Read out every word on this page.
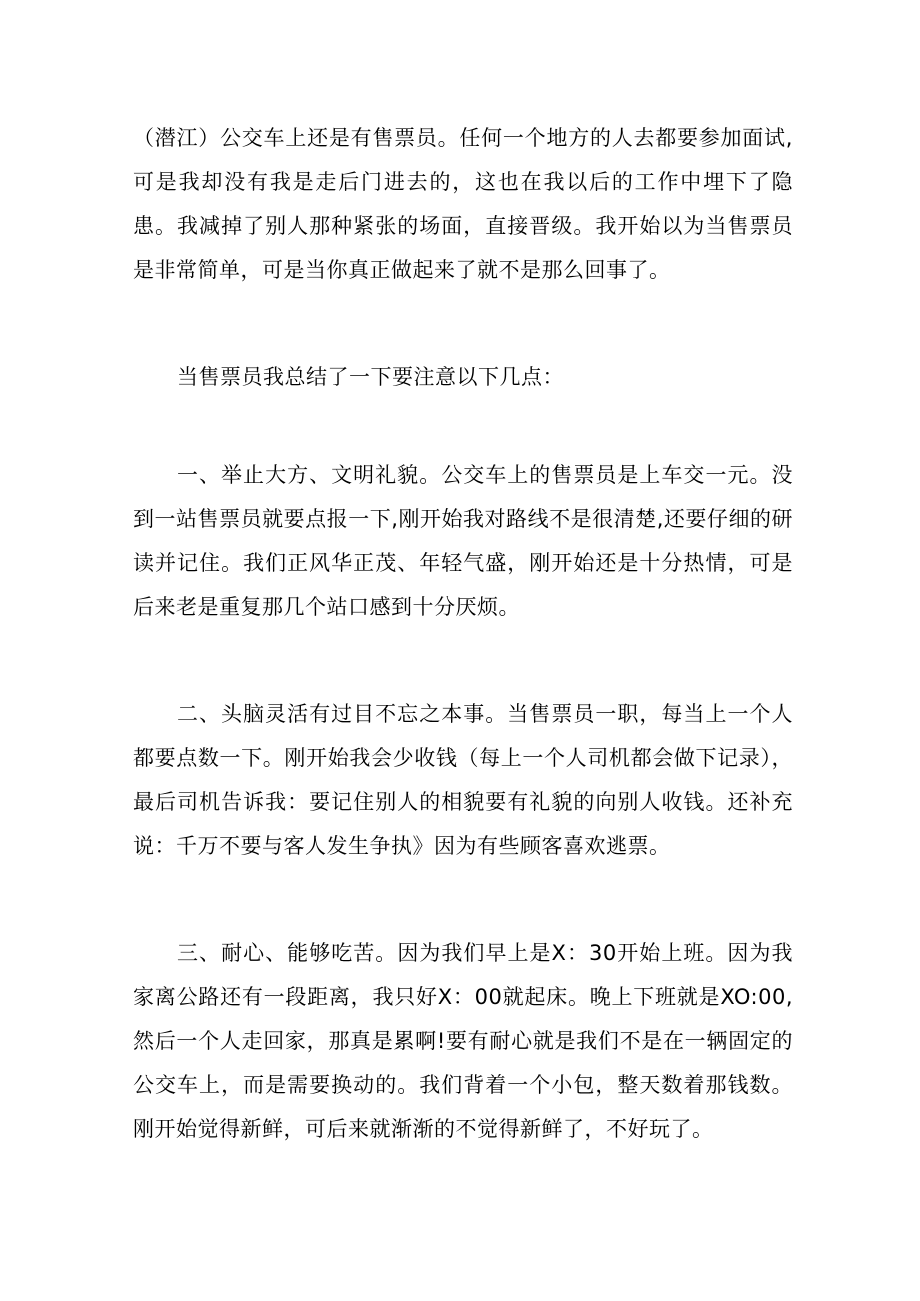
（潜江）公交车上还是有售票员。任何一个地方的人去都要参加面试,可是我却没有我是走后门进去的，这也在我以后的工作中埋下了隐患。我减掉了别人那种紧张的场面，直接晋级。我开始以为当售票员是非常简单，可是当你真正做起来了就不是那么回事了。

当售票员我总结了一下要注意以下几点：

一、举止大方、文明礼貌。公交车上的售票员是上车交一元。没到一站售票员就要点报一下,刚开始我对路线不是很清楚,还要仔细的研读并记住。我们正风华正茂、年轻气盛，刚开始还是十分热情，可是后来老是重复那几个站口感到十分厌烦。

二、头脑灵活有过目不忘之本事。当售票员一职，每当上一个人都要点数一下。刚开始我会少收钱（每上一个人司机都会做下记录），最后司机告诉我：要记住别人的相貌要有礼貌的向别人收钱。还补充说：千万不要与客人发生争执》因为有些顾客喜欢逃票。

三、耐心、能够吃苦。因为我们早上是X：30开始上班。因为我家离公路还有一段距离，我只好X：00就起床。晚上下班就是XO:00,然后一个人走回家，那真是累啊!要有耐心就是我们不是在一辆固定的公交车上，而是需要换动的。我们背着一个小包，整天数着那钱数。刚开始觉得新鲜，可后来就渐渐的不觉得新鲜了，不好玩了。
